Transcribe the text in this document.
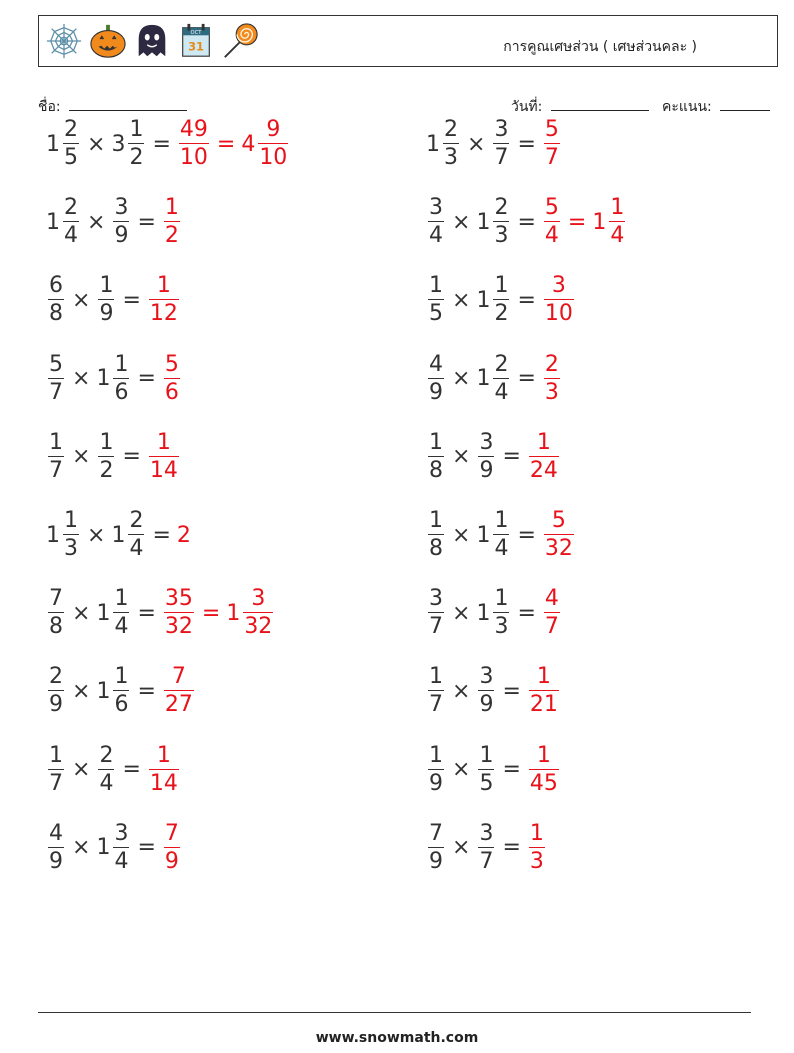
OCT
31	การคูณเศษส่วน ( เศษส่วนคละ )
ชื่อ:	วันที่:	คะแนน:
$1 \frac{2}{5} \times 3 \frac{1}{2} = \frac{49}{10} = 4 \frac{9}{10}$	$1 \frac{2}{3} \times \frac{3}{7} = \frac{5}{7}$
$1 \frac{2}{4} \times \frac{3}{9} = \frac{1}{2}$	$\frac{3}{4} \times 1 \frac{2}{3} = \frac{5}{4} = 1 \frac{1}{4}$
$\frac{6}{8} \times \frac{1}{9} = \frac{1}{12}$	$\frac{1}{5} \times 1 \frac{1}{2} = \frac{3}{10}$
$\frac{5}{7} \times 1 \frac{1}{6} = \frac{5}{6}$	$\frac{4}{9} \times 1 \frac{2}{4} = \frac{2}{3}$
$\frac{1}{7} \times \frac{1}{2} = \frac{1}{14}$	$\frac{1}{8} \times \frac{3}{9} = \frac{1}{24}$
$1 \frac{1}{3} \times 1 \frac{2}{4} = 2$	$\frac{1}{8} \times 1 \frac{1}{4} = \frac{5}{32}$
$\frac{7}{8} \times 1 \frac{1}{4} = \frac{35}{32} = 1 \frac{3}{32}$	$\frac{3}{7} \times 1 \frac{1}{3} = \frac{4}{7}$
$\frac{2}{9} \times 1 \frac{1}{6} = \frac{7}{27}$	$\frac{1}{7} \times \frac{3}{9} = \frac{1}{21}$
$\frac{1}{7} \times \frac{2}{4} = \frac{1}{14}$	$\frac{1}{9} \times \frac{1}{5} = \frac{1}{45}$
$\frac{4}{9} \times 1 \frac{3}{4} = \frac{7}{9}$	$\frac{7}{9} \times \frac{3}{7} = \frac{1}{3}$
www.snowmath.com
